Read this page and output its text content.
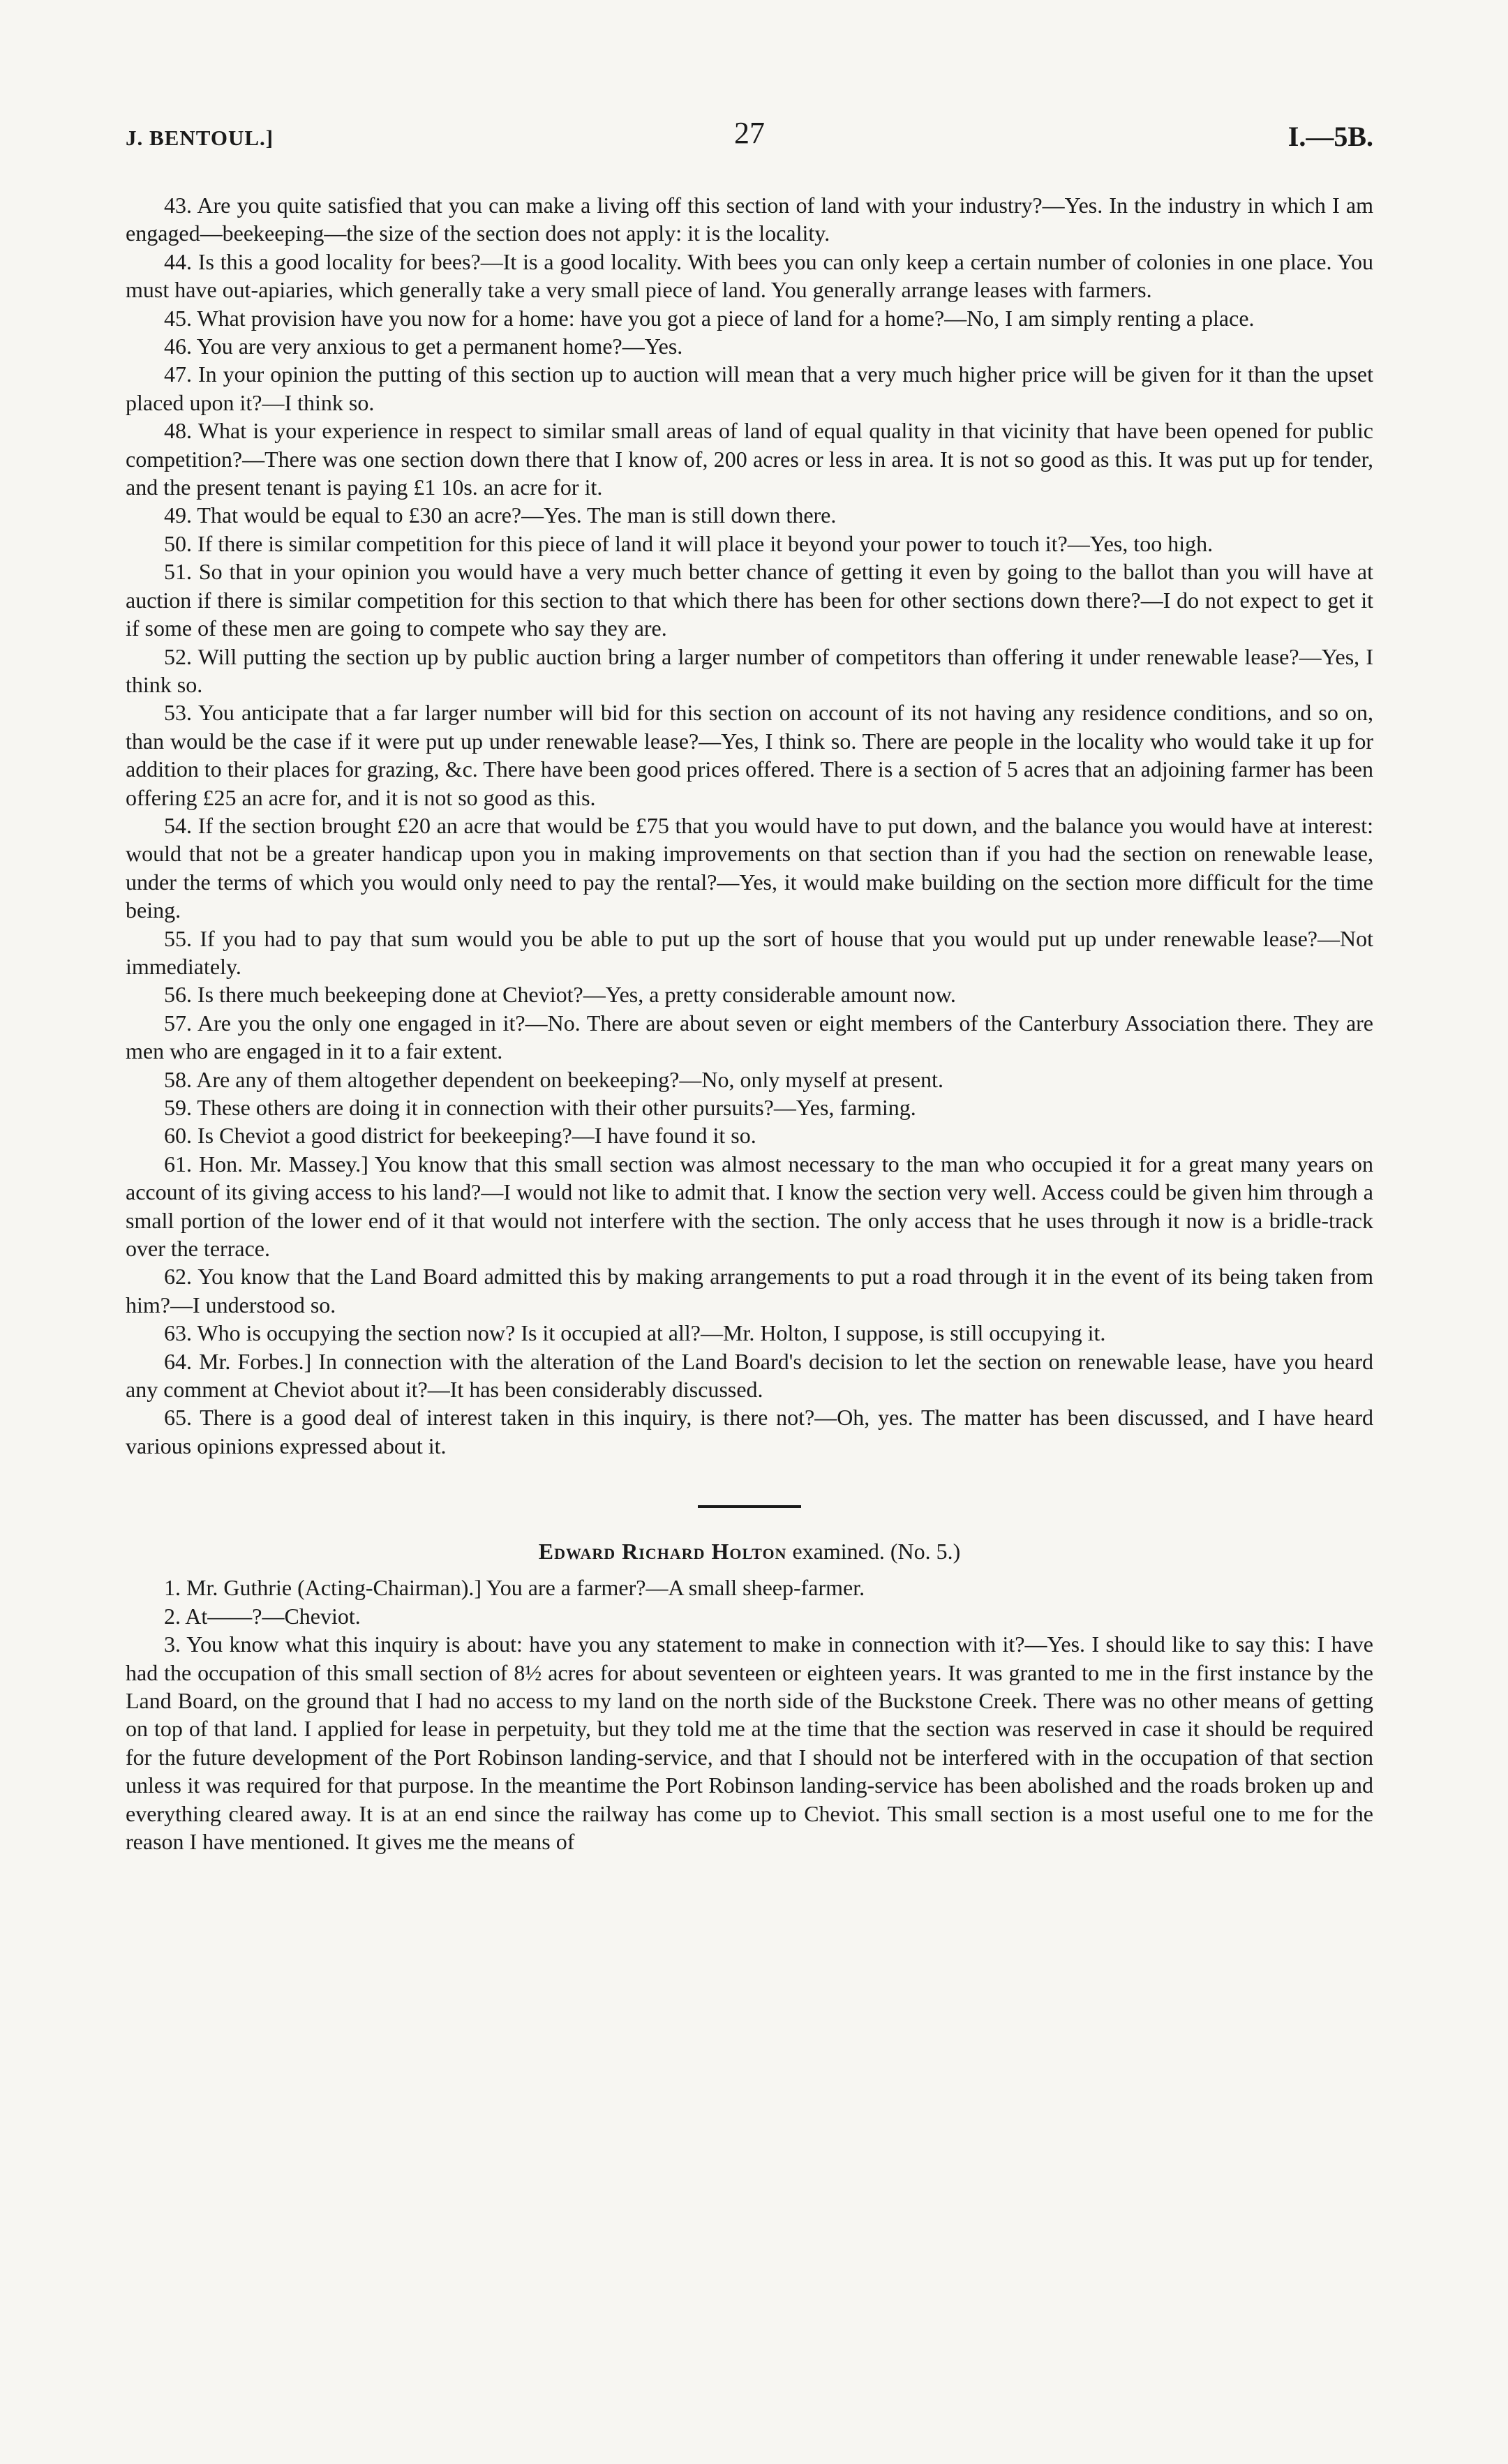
J. BENTOUL.]	27	I.—5B.

43. Are you quite satisfied that you can make a living off this section of land with your industry?—Yes. In the industry in which I am engaged—beekeeping—the size of the section does not apply: it is the locality.

44. Is this a good locality for bees?—It is a good locality. With bees you can only keep a certain number of colonies in one place. You must have out-apiaries, which generally take a very small piece of land. You generally arrange leases with farmers.

45. What provision have you now for a home: have you got a piece of land for a home?—No, I am simply renting a place.

46. You are very anxious to get a permanent home?—Yes.

47. In your opinion the putting of this section up to auction will mean that a very much higher price will be given for it than the upset placed upon it?—I think so.

48. What is your experience in respect to similar small areas of land of equal quality in that vicinity that have been opened for public competition?—There was one section down there that I know of, 200 acres or less in area. It is not so good as this. It was put up for tender, and the present tenant is paying £1 10s. an acre for it.

49. That would be equal to £30 an acre?—Yes. The man is still down there.

50. If there is similar competition for this piece of land it will place it beyond your power to touch it?—Yes, too high.

51. So that in your opinion you would have a very much better chance of getting it even by going to the ballot than you will have at auction if there is similar competition for this section to that which there has been for other sections down there?—I do not expect to get it if some of these men are going to compete who say they are.

52. Will putting the section up by public auction bring a larger number of competitors than offering it under renewable lease?—Yes, I think so.

53. You anticipate that a far larger number will bid for this section on account of its not having any residence conditions, and so on, than would be the case if it were put up under renewable lease?—Yes, I think so. There are people in the locality who would take it up for addition to their places for grazing, &c. There have been good prices offered. There is a section of 5 acres that an adjoining farmer has been offering £25 an acre for, and it is not so good as this.

54. If the section brought £20 an acre that would be £75 that you would have to put down, and the balance you would have at interest: would that not be a greater handicap upon you in making improvements on that section than if you had the section on renewable lease, under the terms of which you would only need to pay the rental?—Yes, it would make building on the section more difficult for the time being.

55. If you had to pay that sum would you be able to put up the sort of house that you would put up under renewable lease?—Not immediately.

56. Is there much beekeeping done at Cheviot?—Yes, a pretty considerable amount now.

57. Are you the only one engaged in it?—No. There are about seven or eight members of the Canterbury Association there. They are men who are engaged in it to a fair extent.

58. Are any of them altogether dependent on beekeeping?—No, only myself at present.

59. These others are doing it in connection with their other pursuits?—Yes, farming.

60. Is Cheviot a good district for beekeeping?—I have found it so.

61. Hon. Mr. Massey.] You know that this small section was almost necessary to the man who occupied it for a great many years on account of its giving access to his land?—I would not like to admit that. I know the section very well. Access could be given him through a small portion of the lower end of it that would not interfere with the section. The only access that he uses through it now is a bridle-track over the terrace.

62. You know that the Land Board admitted this by making arrangements to put a road through it in the event of its being taken from him?—I understood so.

63. Who is occupying the section now? Is it occupied at all?—Mr. Holton, I suppose, is still occupying it.

64. Mr. Forbes.] In connection with the alteration of the Land Board's decision to let the section on renewable lease, have you heard any comment at Cheviot about it?—It has been considerably discussed.

65. There is a good deal of interest taken in this inquiry, is there not?—Oh, yes. The matter has been discussed, and I have heard various opinions expressed about it.

Edward Richard Holton examined. (No. 5.)

1. Mr. Guthrie (Acting-Chairman).] You are a farmer?—A small sheep-farmer.

2. At——?—Cheviot.

3. You know what this inquiry is about: have you any statement to make in connection with it?—Yes. I should like to say this: I have had the occupation of this small section of 8½ acres for about seventeen or eighteen years. It was granted to me in the first instance by the Land Board, on the ground that I had no access to my land on the north side of the Buckstone Creek. There was no other means of getting on top of that land. I applied for lease in perpetuity, but they told me at the time that the section was reserved in case it should be required for the future development of the Port Robinson landing-service, and that I should not be interfered with in the occupation of that section unless it was required for that purpose. In the meantime the Port Robinson landing-service has been abolished and the roads broken up and everything cleared away. It is at an end since the railway has come up to Cheviot. This small section is a most useful one to me for the reason I have mentioned. It gives me the means of
